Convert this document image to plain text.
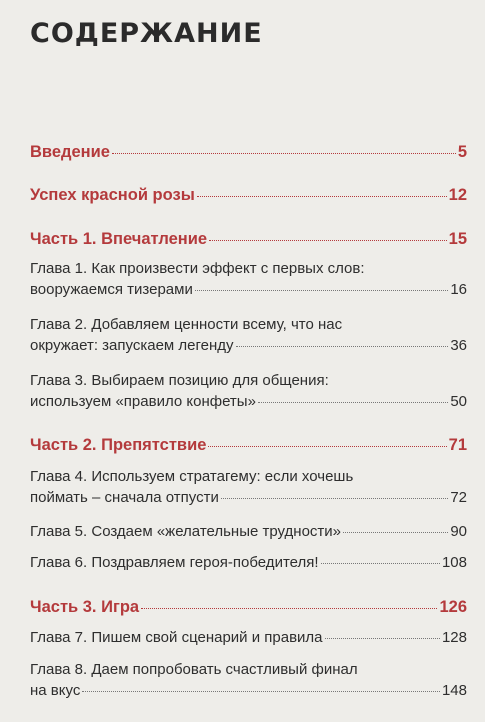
СОДЕРЖАНИЕ
Введение	5
Успех красной розы	12
Часть 1. Впечатление	15
Глава 1. Как произвести эффект с первых слов:
вооружаемся тизерами	16
Глава 2. Добавляем ценности всему, что нас
окружает: запускаем легенду	36
Глава 3. Выбираем позицию для общения:
используем «правило конфеты»	50
Часть 2. Препятствие	71
Глава 4. Используем стратагему: если хочешь
поймать – сначала отпусти	72
Глава 5. Создаем «желательные трудности»	90
Глава 6. Поздравляем героя-победителя!	108
Часть 3. Игра	126
Глава 7. Пишем свой сценарий и правила	128
Глава 8. Даем попробовать счастливый финал
на вкус	148
